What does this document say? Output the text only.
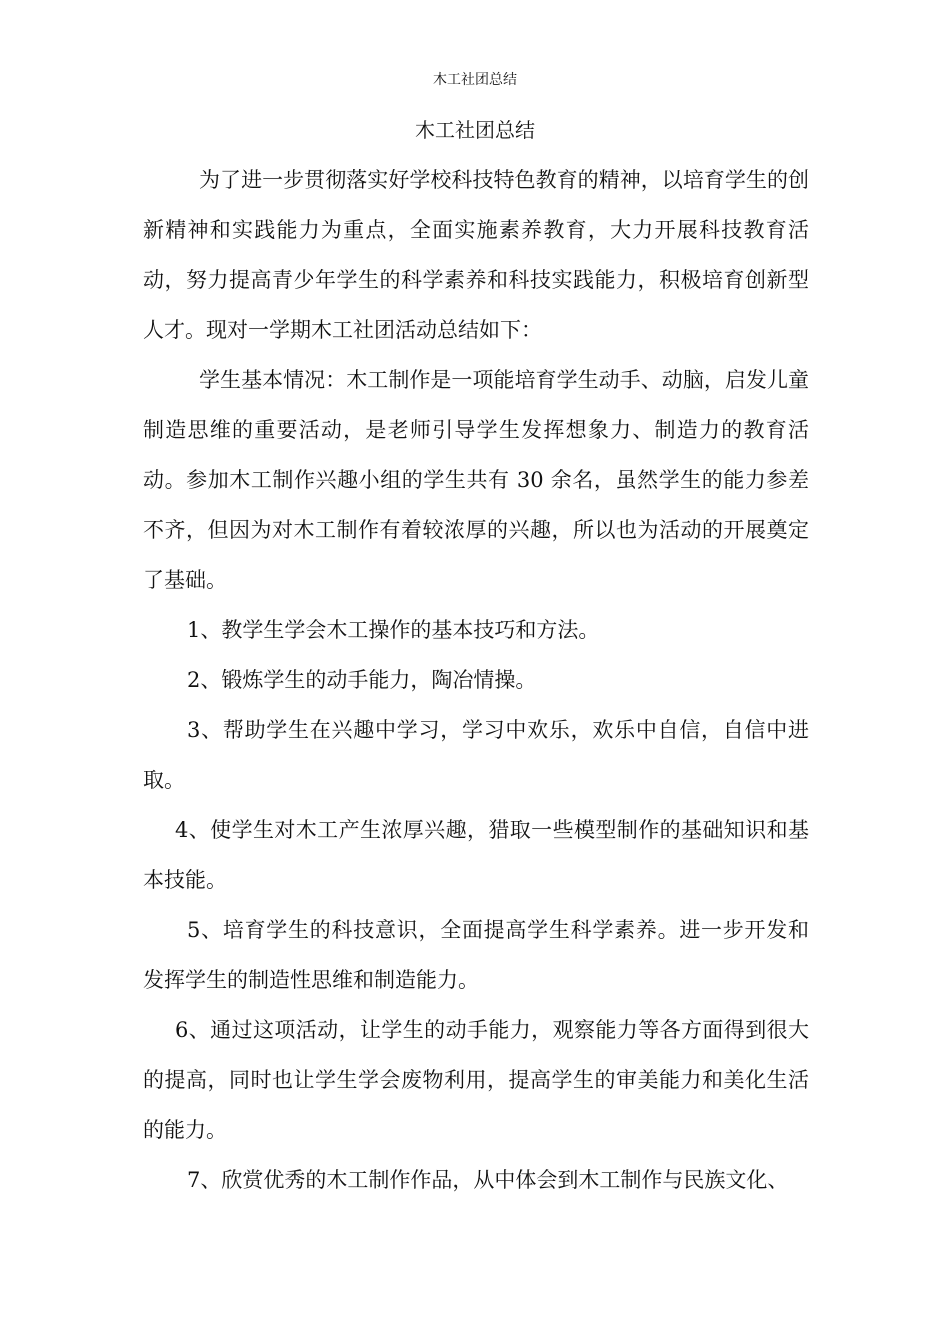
木工社团总结
木工社团总结

为了进一步贯彻落实好学校科技特色教育的精神，以培育学生的创新精神和实践能力为重点，全面实施素养教育，大力开展科技教育活动，努力提高青少年学生的科学素养和科技实践能力，积极培育创新型人才。现对一学期木工社团活动总结如下：

学生基本情况：木工制作是一项能培育学生动手、动脑，启发儿童制造思维的重要活动，是老师引导学生发挥想象力、制造力的教育活动。参加木工制作兴趣小组的学生共有 30 余名，虽然学生的能力参差不齐，但因为对木工制作有着较浓厚的兴趣，所以也为活动的开展奠定了基础。

1、教学生学会木工操作的基本技巧和方法。

2、锻炼学生的动手能力，陶冶情操。

3、帮助学生在兴趣中学习，学习中欢乐，欢乐中自信，自信中进取。

4、使学生对木工产生浓厚兴趣，猎取一些模型制作的基础知识和基本技能。

5、培育学生的科技意识，全面提高学生科学素养。进一步开发和发挥学生的制造性思维和制造能力。

6、通过这项活动，让学生的动手能力，观察能力等各方面得到很大的提高，同时也让学生学会废物利用，提高学生的审美能力和美化生活的能力。

7、欣赏优秀的木工制作作品，从中体会到木工制作与民族文化、
